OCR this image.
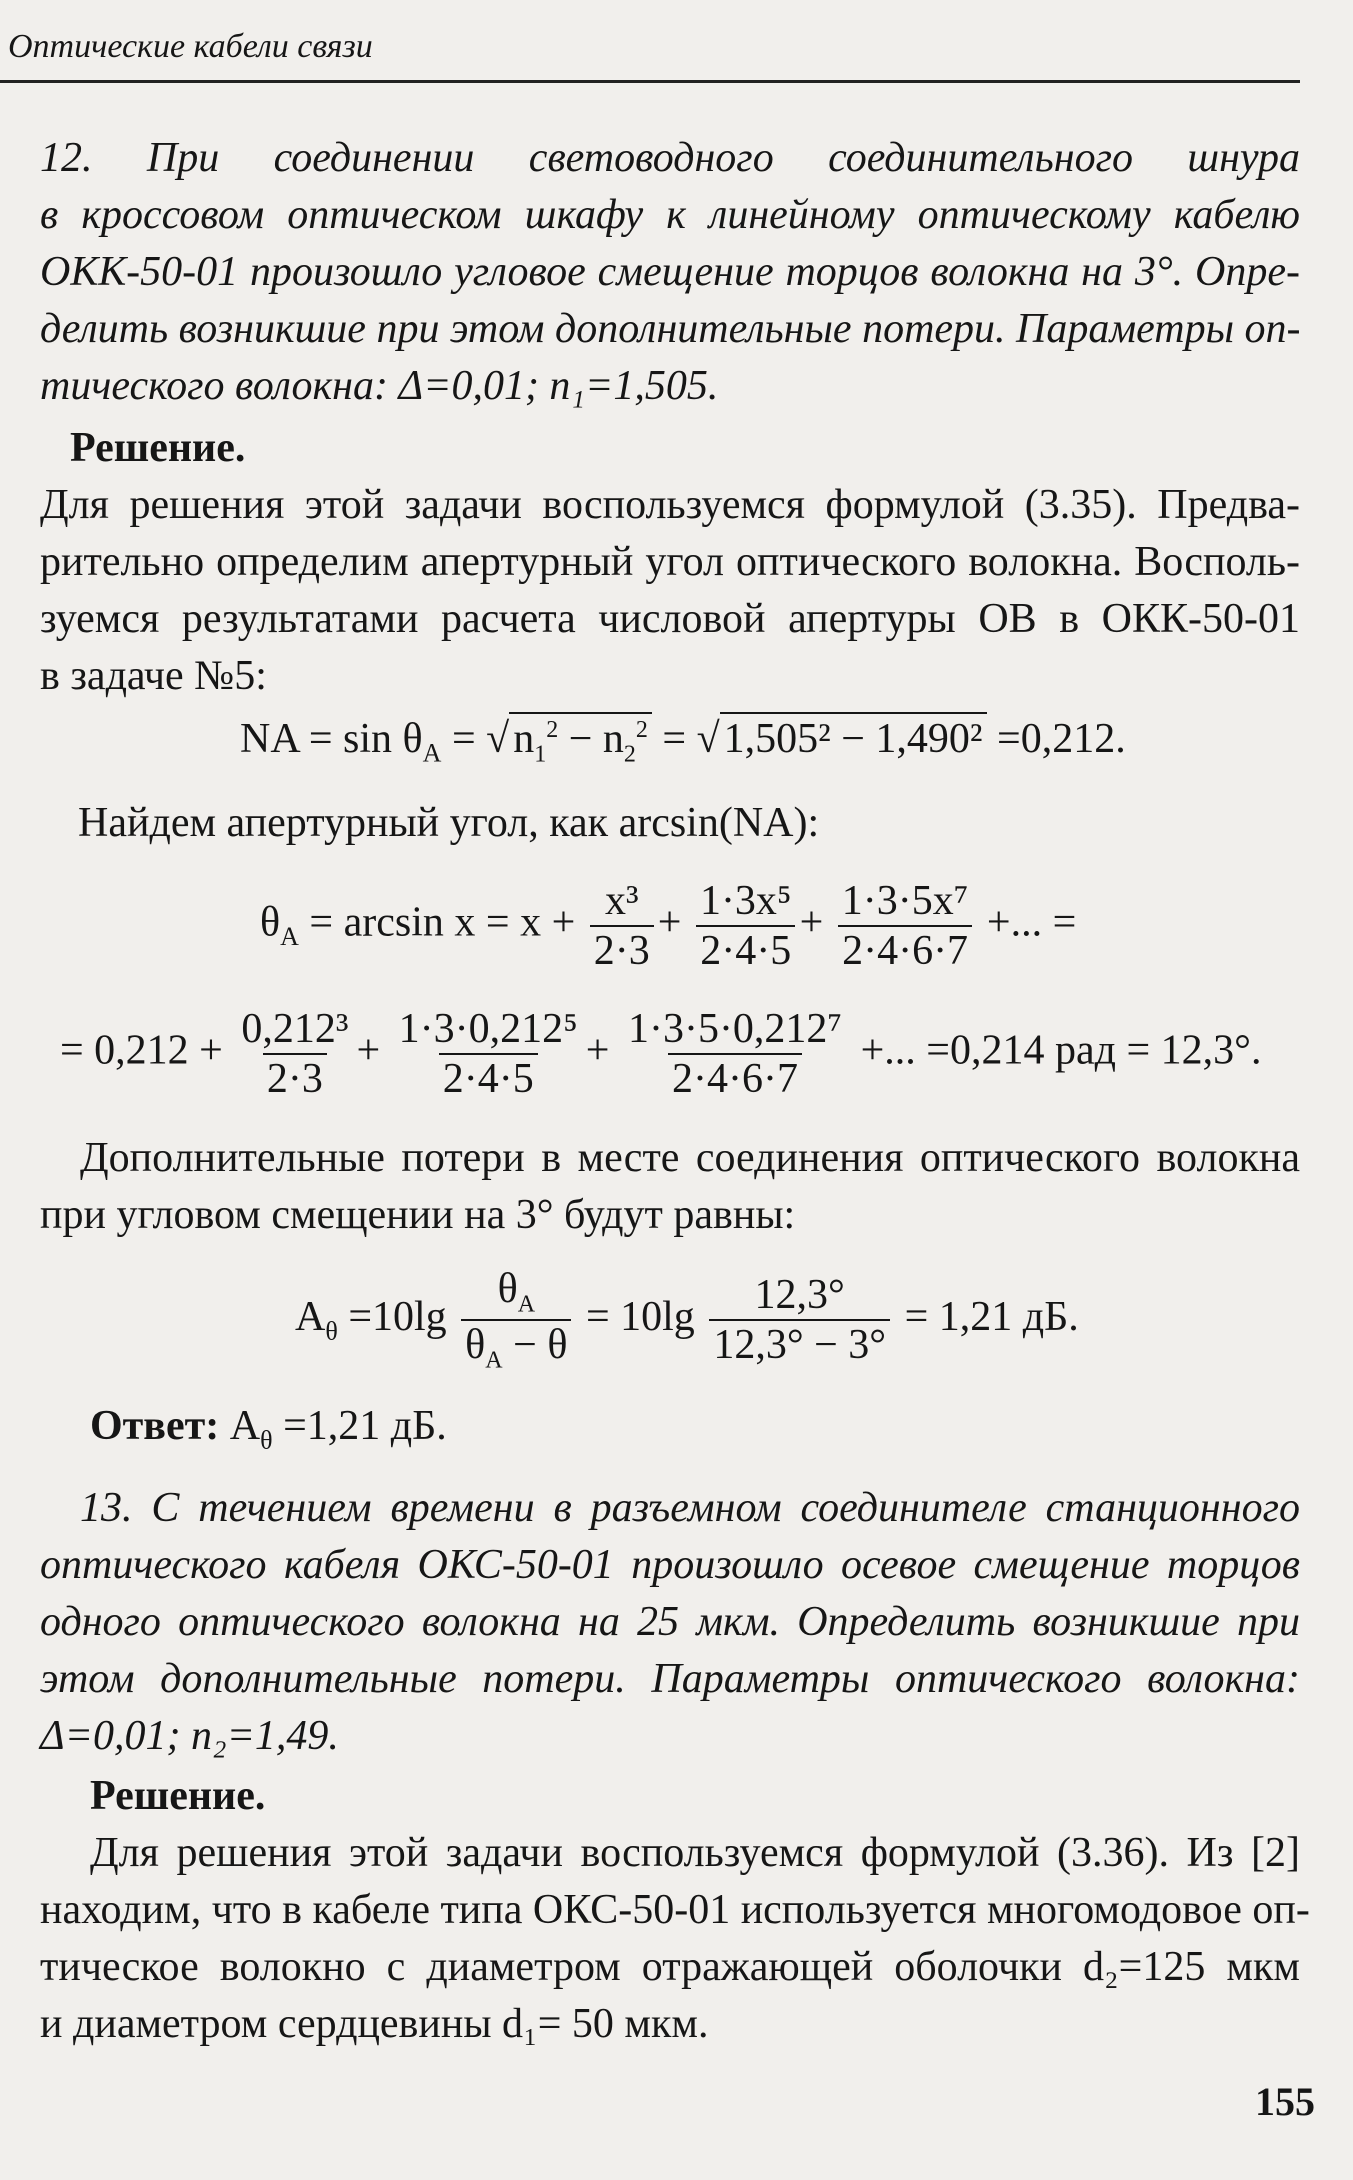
Оптические кабели связи
12. При соединении световодного соединительного шнура
в кроссовом оптическом шкафу к линейному оптическому кабелю
ОКК-50-01 произошло угловое смещение торцов волокна на 3°. Опре-
делить возникшие при этом дополнительные потери. Параметры оп-
тического волокна: Δ=0,01; n₁=1,505.
Решение.
Для решения этой задачи воспользуемся формулой (3.35). Предва-
рительно определим апертурный угол оптического волокна. Восполь-
зуемся результатами расчета числовой апертуры ОВ в ОКК-50-01
в задаче №5:
NA = $\sin \theta_A = √n_1^2 - n_2^2 = √1,505^2 - 1,490^2 =0,212$.
Найдем апертурный угол, как arcsin(NA):
$\theta_A = \arcsin x = x + \frac{\text{x³}}{2\cdot 3} + \frac{\text{1·3x⁵}}{2\cdot 4\cdot 5} + \frac{\text{1·3·5x⁷}}{2\cdot 4\cdot 6\cdot 7}$ +... =
= $0,212 + \frac{\text{0,212³}}{2\cdot 3} + \frac{\text{1·3·0,212⁵}}{2\cdot 4\cdot 5} + \frac{\text{1·3·5·0,212⁷}}{2\cdot 4\cdot 6\cdot 7}$ +... =0,214 рад = 12,3°.
Дополнительные потери в месте соединения оптического волокна
при угловом смещении на 3° будут равны:
$A_\theta =10\lg \frac{\theta_A}{\theta_A - \theta} = 10\lg \frac{12,3^\circ}{12,3^\circ - 3^\circ} = 1,21$ дБ.
Ответ: $A_\theta =1,21$ дБ.
13. С течением времени в разъемном соединителе станционного
оптического кабеля ОКС-50-01 произошло осевое смещение торцов
одного оптического волокна на 25 мкм. Определить возникшие при
этом дополнительные потери. Параметры оптического волокна:
Δ=0,01; n₂=1,49.
Решение.
Для решения этой задачи воспользуемся формулой (3.36). Из [2]
находим, что в кабеле типа ОКС-50-01 используется многомодовое оп-
тическое волокно с диаметром отражающей оболочки d₂=125 мкм
и диаметром сердцевины d₁= 50 мкм.
155
